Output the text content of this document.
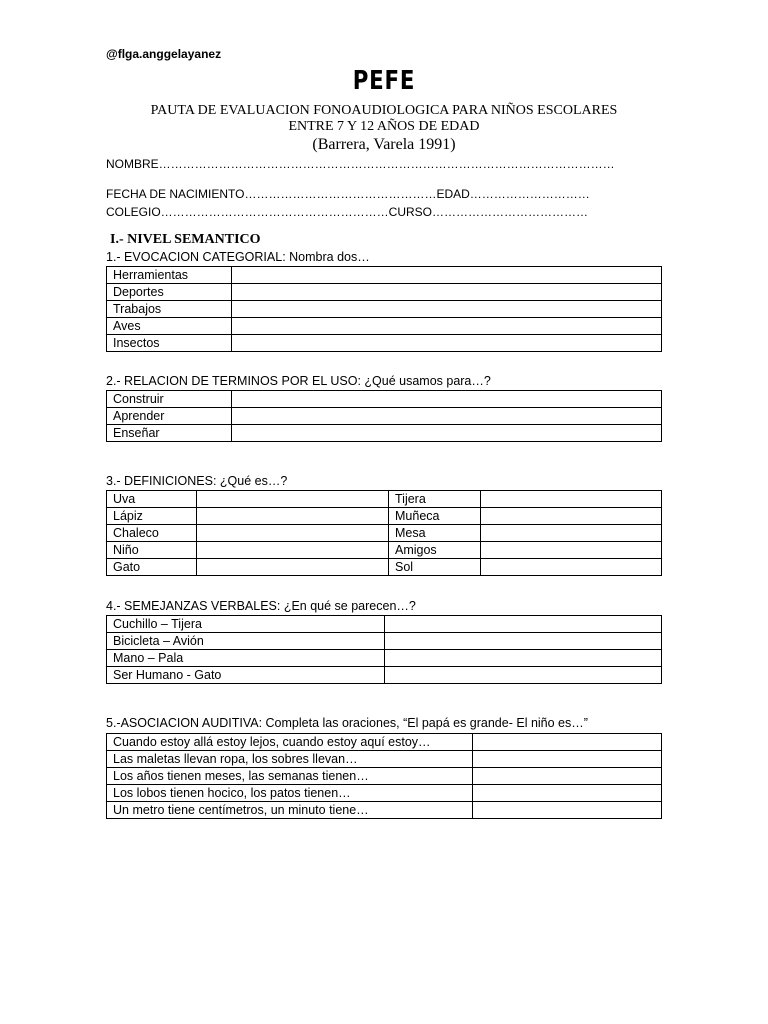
@flga.anggelayanez
PEFE
PAUTA DE EVALUACION FONOAUDIOLOGICA PARA NIÑOS ESCOLARES
ENTRE 7 Y 12 AÑOS DE EDAD
(Barrera, Varela 1991)
NOMBRE……………………………………………………………………………………………………
FECHA DE NACIMIENTO…………………………………………EDAD…………………………
COLEGIO…………………………………………………CURSO…………………………………
I.- NIVEL SEMANTICO
1.- EVOCACION CATEGORIAL: Nombra dos…
Herramientas	
Deportes	
Trabajos	
Aves	
Insectos	
2.- RELACION DE TERMINOS POR EL USO: ¿Qué usamos para…?
Construir	
Aprender	
Enseñar	
3.- DEFINICIONES: ¿Qué es…?
Uva		Tijera	
Lápiz		Muñeca	
Chaleco		Mesa	
Niño		Amigos	
Gato		Sol	
4.- SEMEJANZAS VERBALES: ¿En qué se parecen…?
Cuchillo – Tijera	
Bicicleta – Avión	
Mano – Pala	
Ser Humano - Gato	
5.-ASOCIACION AUDITIVA: Completa las oraciones, “El papá es grande- El niño es…”
Cuando estoy allá estoy lejos, cuando estoy aquí estoy…	
Las maletas llevan ropa, los sobres llevan…	
Los años tienen meses, las semanas tienen…	
Los lobos tienen hocico, los patos tienen…	
Un metro tiene centímetros, un minuto tiene…	
